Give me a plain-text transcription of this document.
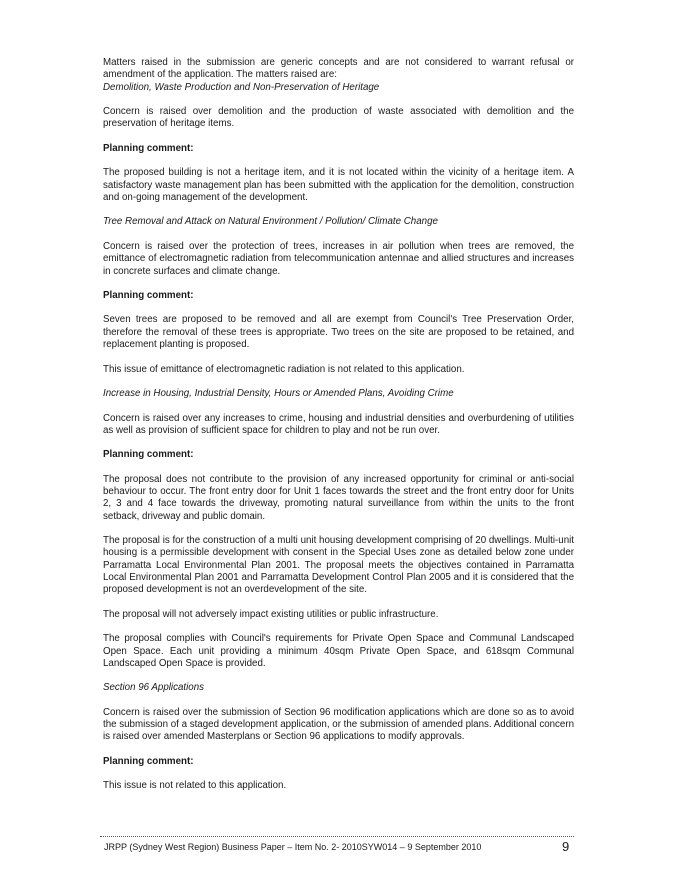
Matters raised in the submission are generic concepts and are not considered to warrant refusal or amendment of the application. The matters raised are:

Demolition, Waste Production and Non-Preservation of Heritage

Concern is raised over demolition and the production of waste associated with demolition and the preservation of heritage items.

Planning comment:

The proposed building is not a heritage item, and it is not located within the vicinity of a heritage item. A satisfactory waste management plan has been submitted with the application for the demolition, construction and on-going management of the development.

Tree Removal and Attack on Natural Environment / Pollution/ Climate Change

Concern is raised over the protection of trees, increases in air pollution when trees are removed, the emittance of electromagnetic radiation from telecommunication antennae and allied structures and increases in concrete surfaces and climate change.

Planning comment:

Seven trees are proposed to be removed and all are exempt from Council's Tree Preservation Order, therefore the removal of these trees is appropriate. Two trees on the site are proposed to be retained, and replacement planting is proposed.

This issue of emittance of electromagnetic radiation is not related to this application.

Increase in Housing, Industrial Density, Hours or Amended Plans, Avoiding Crime

Concern is raised over any increases to crime, housing and industrial densities and overburdening of utilities as well as provision of sufficient space for children to play and not be run over.

Planning comment:

The proposal does not contribute to the provision of any increased opportunity for criminal or anti-social behaviour to occur. The front entry door for Unit 1 faces towards the street and the front entry door for Units 2, 3 and 4 face towards the driveway, promoting natural surveillance from within the units to the front setback, driveway and public domain.

The proposal is for the construction of a multi unit housing development comprising of 20 dwellings. Multi-unit housing is a permissible development with consent in the Special Uses zone as detailed below zone under Parramatta Local Environmental Plan 2001. The proposal meets the objectives contained in Parramatta Local Environmental Plan 2001 and Parramatta Development Control Plan 2005 and it is considered that the proposed development is not an overdevelopment of the site.

The proposal will not adversely impact existing utilities or public infrastructure.

The proposal complies with Council's requirements for Private Open Space and Communal Landscaped Open Space. Each unit providing a minimum 40sqm Private Open Space, and 618sqm Communal Landscaped Open Space is provided.

Section 96 Applications

Concern is raised over the submission of Section 96 modification applications which are done so as to avoid the submission of a staged development application, or the submission of amended plans. Additional concern is raised over amended Masterplans or Section 96 applications to modify approvals.

Planning comment:

This issue is not related to this application.

JRPP (Sydney West Region) Business Paper – Item No. 2- 2010SYW014 – 9 September 2010	9
